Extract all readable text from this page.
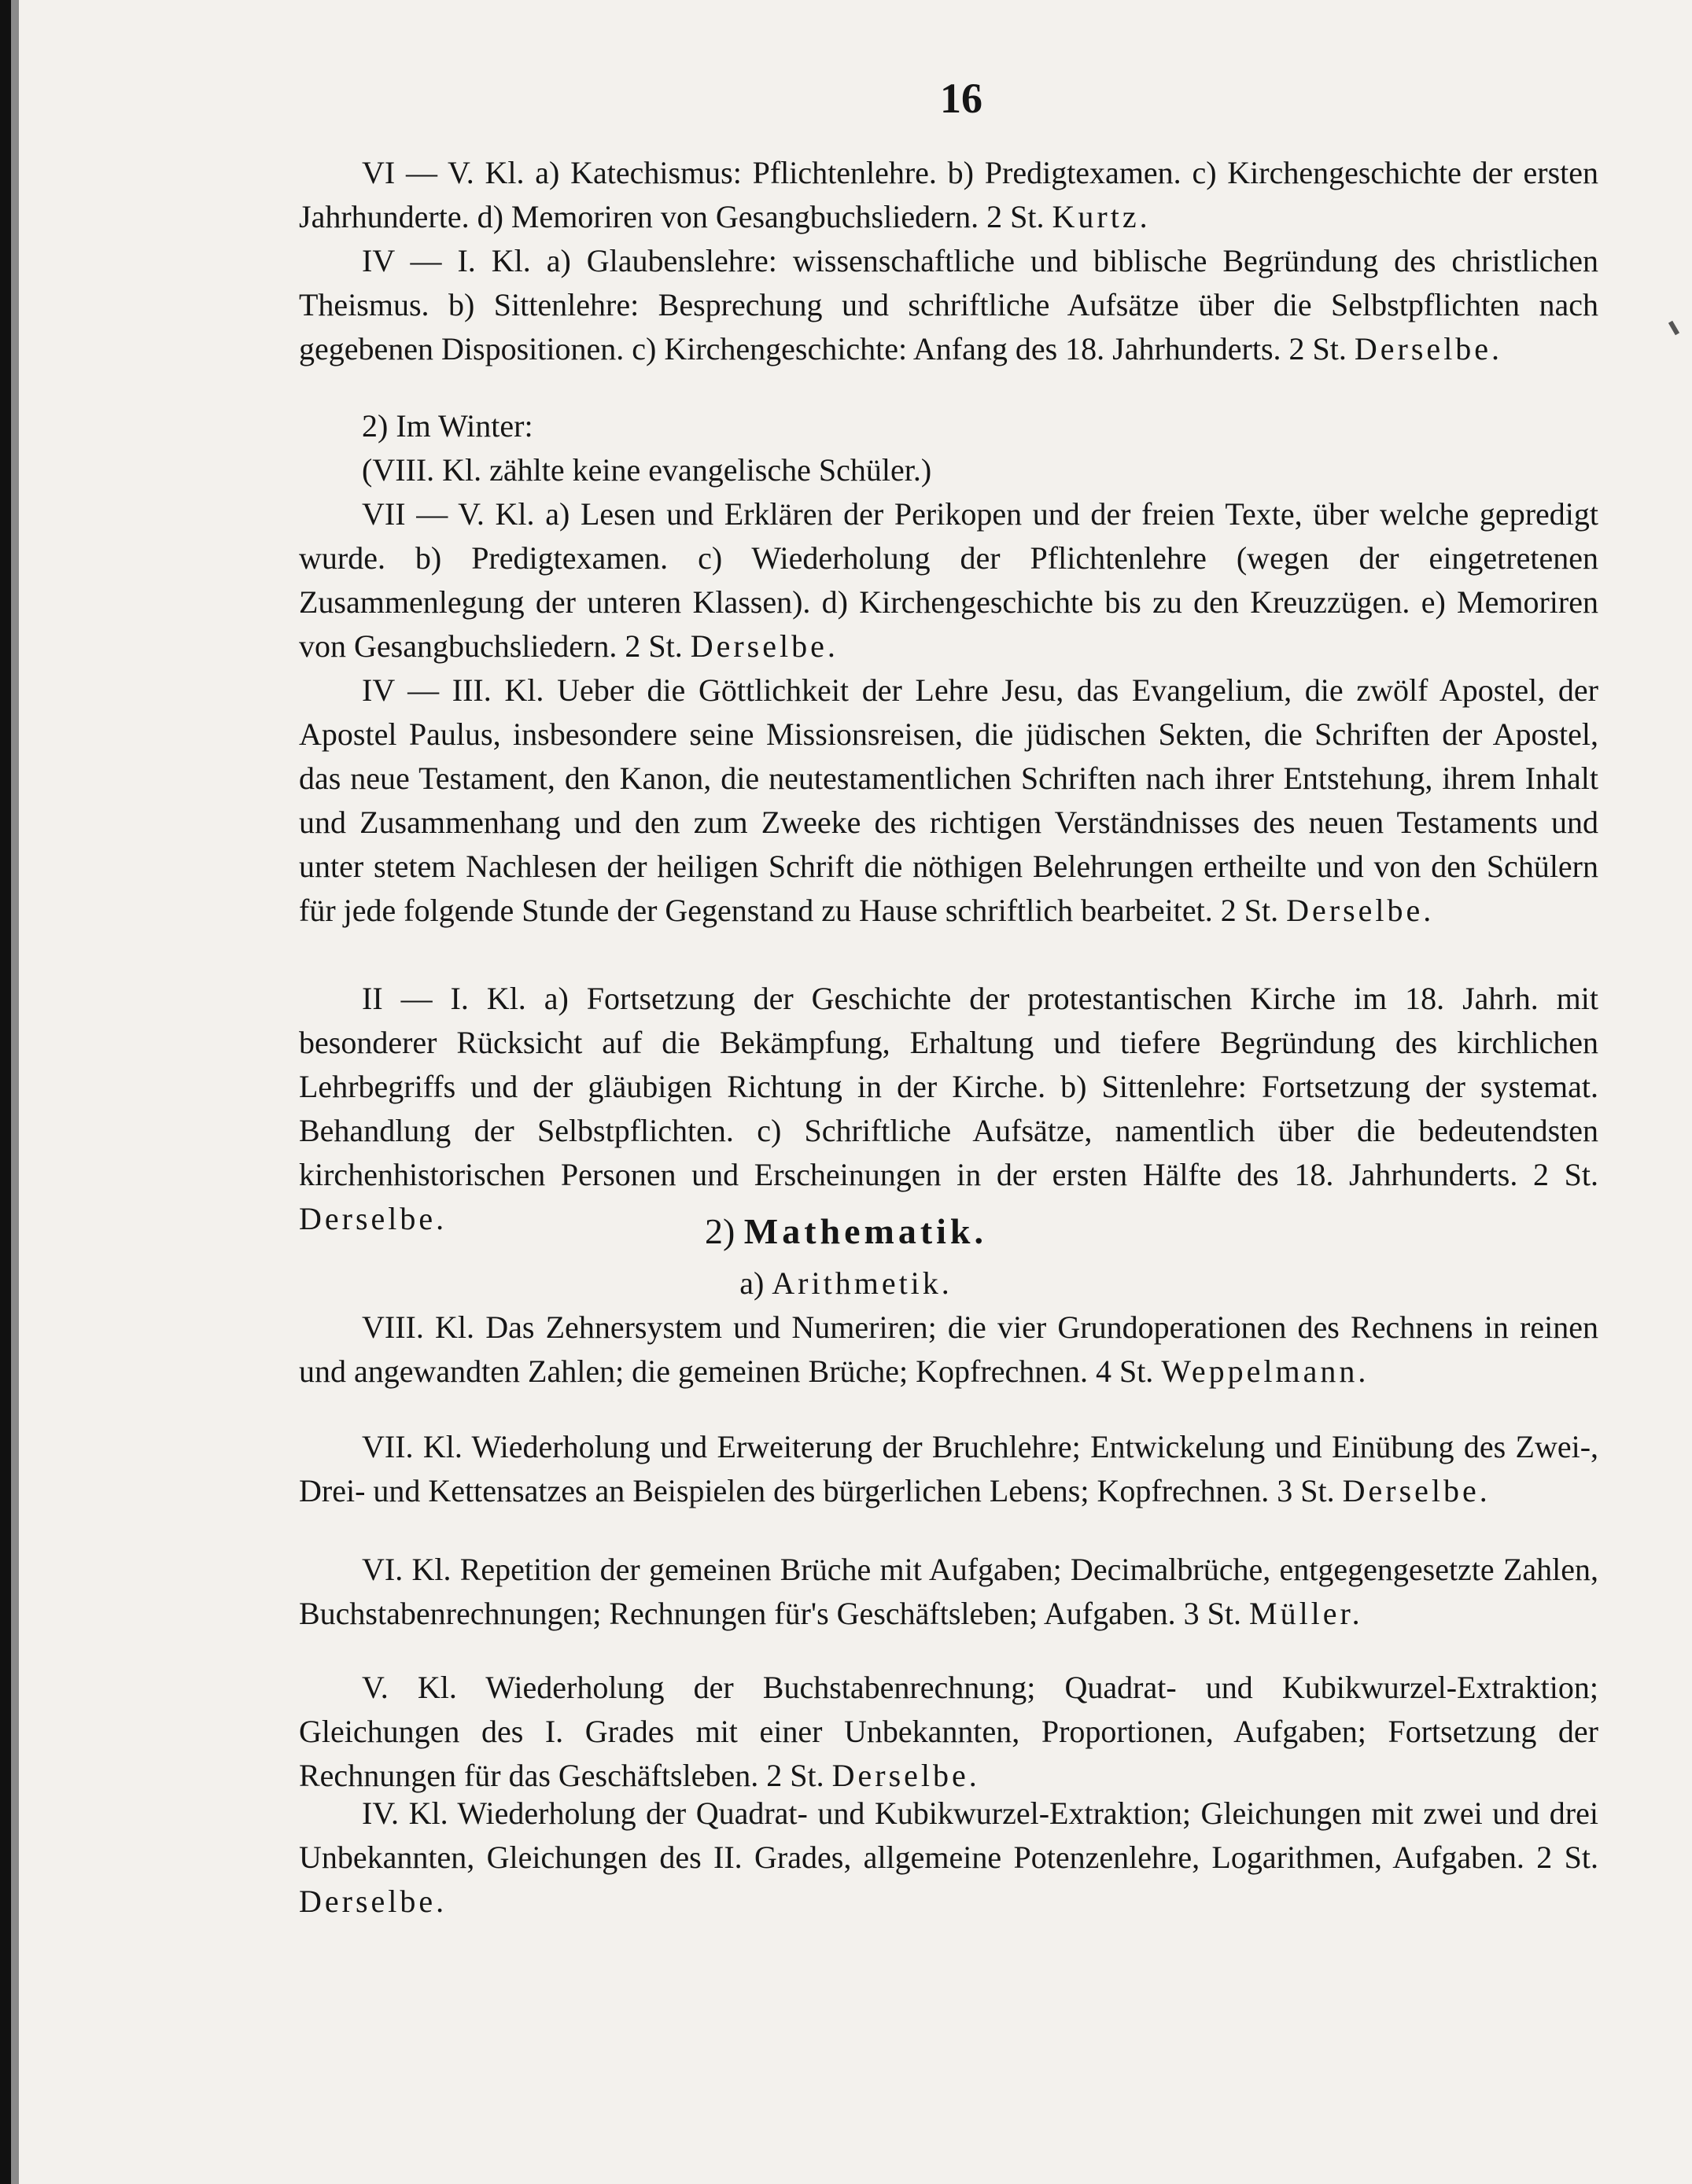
16

VI — V. Kl. a) Katechismus: Pflichtenlehre. b) Predigtexamen. c) Kirchengeschichte der ersten Jahrhunderte. d) Memoriren von Gesangbuchsliedern. 2 St. Kurtz.

IV — I. Kl. a) Glaubenslehre: wissenschaftliche und biblische Begründung des christlichen Theismus. b) Sittenlehre: Besprechung und schriftliche Aufsätze über die Selbstpflichten nach gegebenen Dispositionen. c) Kirchengeschichte: Anfang des 18. Jahrhunderts. 2 St. Derselbe.

2) Im Winter:

(VIII. Kl. zählte keine evangelische Schüler.)

VII — V. Kl. a) Lesen und Erklären der Perikopen und der freien Texte, über welche gepredigt wurde. b) Predigtexamen. c) Wiederholung der Pflichtenlehre (wegen der eingetretenen Zusammenlegung der unteren Klassen). d) Kirchengeschichte bis zu den Kreuzzügen. e) Memoriren von Gesangbuchsliedern. 2 St. Derselbe.

IV — III. Kl. Ueber die Göttlichkeit der Lehre Jesu, das Evangelium, die zwölf Apostel, der Apostel Paulus, insbesondere seine Missionsreisen, die jüdischen Sekten, die Schriften der Apostel, das neue Testament, den Kanon, die neutestamentlichen Schriften nach ihrer Entstehung, ihrem Inhalt und Zusammenhang und den zum Zweeke des richtigen Verständnisses des neuen Testaments und unter stetem Nachlesen der heiligen Schrift die nöthigen Belehrungen ertheilte und von den Schülern für jede folgende Stunde der Gegenstand zu Hause schriftlich bearbeitet. 2 St. Derselbe.

II — I. Kl. a) Fortsetzung der Geschichte der protestantischen Kirche im 18. Jahrh. mit besonderer Rücksicht auf die Bekämpfung, Erhaltung und tiefere Begründung des kirchlichen Lehrbegriffs und der gläubigen Richtung in der Kirche. b) Sittenlehre: Fortsetzung der systemat. Behandlung der Selbstpflichten. c) Schriftliche Aufsätze, namentlich über die bedeutendsten kirchenhistorischen Personen und Erscheinungen in der ersten Hälfte des 18. Jahrhunderts. 2 St. Derselbe.	2) Mathematik.
a) Arithmetik.

VIII. Kl. Das Zehnersystem und Numeriren; die vier Grundoperationen des Rechnens in reinen und angewandten Zahlen; die gemeinen Brüche; Kopfrechnen. 4 St. Weppelmann.

VII. Kl. Wiederholung und Erweiterung der Bruchlehre; Entwickelung und Einübung des Zwei-, Drei- und Kettensatzes an Beispielen des bürgerlichen Lebens; Kopfrechnen. 3 St. Derselbe.

VI. Kl. Repetition der gemeinen Brüche mit Aufgaben; Decimalbrüche, entgegengesetzte Zahlen, Buchstabenrechnungen; Rechnungen für's Geschäftsleben; Aufgaben. 3 St. Müller.

V. Kl. Wiederholung der Buchstabenrechnung; Quadrat- und Kubikwurzel-Extraktion; Gleichungen des I. Grades mit einer Unbekannten, Proportionen, Aufgaben; Fortsetzung der Rechnungen für das Geschäftsleben. 2 St. Derselbe.

IV. Kl. Wiederholung der Quadrat- und Kubikwurzel-Extraktion; Gleichungen mit zwei und drei Unbekannten, Gleichungen des II. Grades, allgemeine Potenzenlehre, Logarithmen, Aufgaben. 2 St. Derselbe.
